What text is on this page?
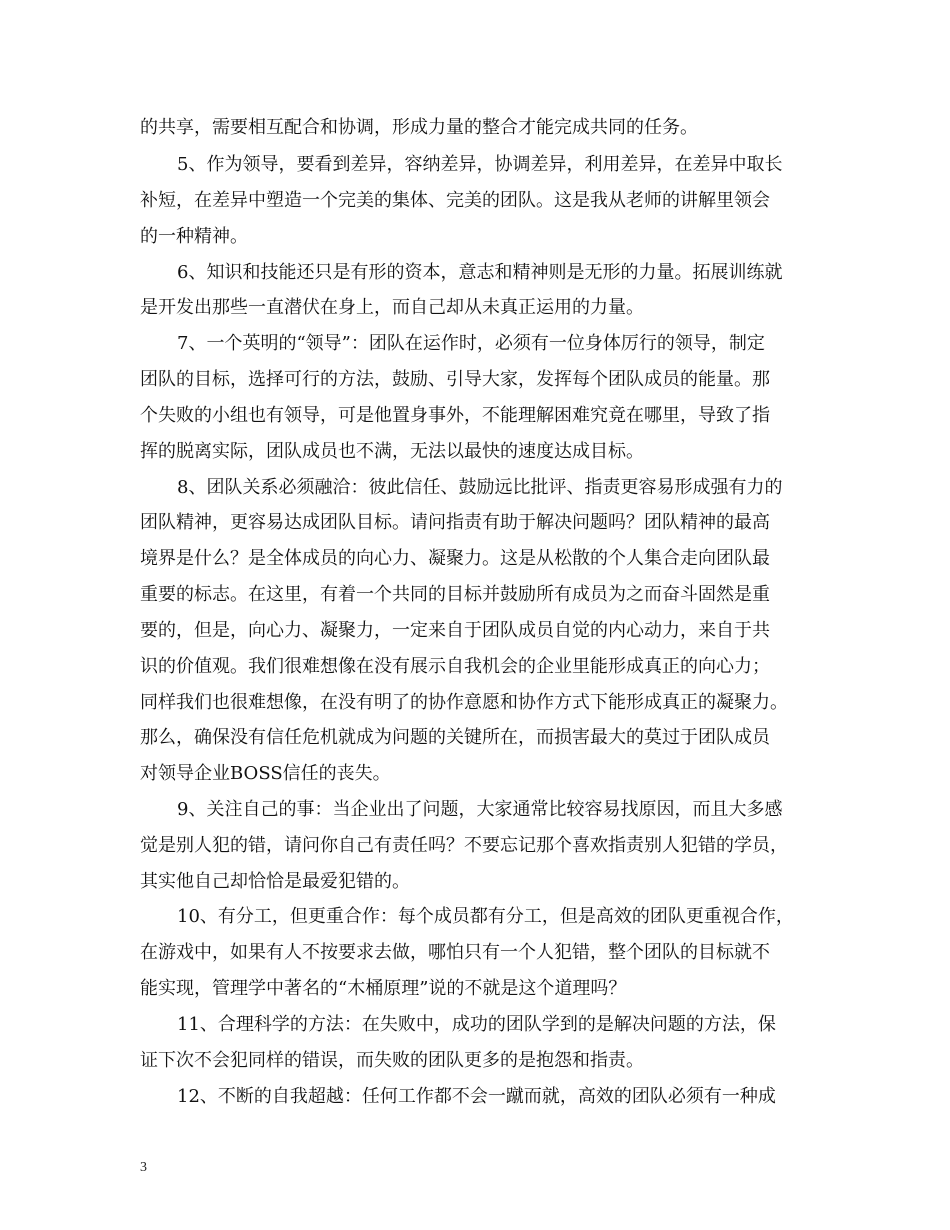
的共享，需要相互配合和协调，形成力量的整合才能完成共同的任务。
5、作为领导，要看到差异，容纳差异，协调差异，利用差异，在差异中取长
补短，在差异中塑造一个完美的集体、完美的团队。这是我从老师的讲解里领会
的一种精神。
6、知识和技能还只是有形的资本，意志和精神则是无形的力量。拓展训练就
是开发出那些一直潜伏在身上，而自己却从未真正运用的力量。
7、一个英明的“领导”：团队在运作时，必须有一位身体厉行的领导，制定
团队的目标，选择可行的方法，鼓励、引导大家，发挥每个团队成员的能量。那
个失败的小组也有领导，可是他置身事外，不能理解困难究竟在哪里，导致了指
挥的脱离实际，团队成员也不满，无法以最快的速度达成目标。
8、团队关系必须融洽：彼此信任、鼓励远比批评、指责更容易形成强有力的
团队精神，更容易达成团队目标。请问指责有助于解决问题吗？团队精神的最高
境界是什么？是全体成员的向心力、凝聚力。这是从松散的个人集合走向团队最
重要的标志。在这里，有着一个共同的目标并鼓励所有成员为之而奋斗固然是重
要的，但是，向心力、凝聚力，一定来自于团队成员自觉的内心动力，来自于共
识的价值观。我们很难想像在没有展示自我机会的企业里能形成真正的向心力；
同样我们也很难想像，在没有明了的协作意愿和协作方式下能形成真正的凝聚力。
那么，确保没有信任危机就成为问题的关键所在，而损害最大的莫过于团队成员
对领导企业BOSS信任的丧失。
9、关注自己的事：当企业出了问题，大家通常比较容易找原因，而且大多感
觉是别人犯的错，请问你自己有责任吗？不要忘记那个喜欢指责别人犯错的学员，
其实他自己却恰恰是最爱犯错的。
10、有分工，但更重合作：每个成员都有分工，但是高效的团队更重视合作，
在游戏中，如果有人不按要求去做，哪怕只有一个人犯错，整个团队的目标就不
能实现，管理学中著名的“木桶原理”说的不就是这个道理吗？
11、合理科学的方法：在失败中，成功的团队学到的是解决问题的方法，保
证下次不会犯同样的错误，而失败的团队更多的是抱怨和指责。
12、不断的自我超越：任何工作都不会一蹴而就，高效的团队必须有一种成
3
